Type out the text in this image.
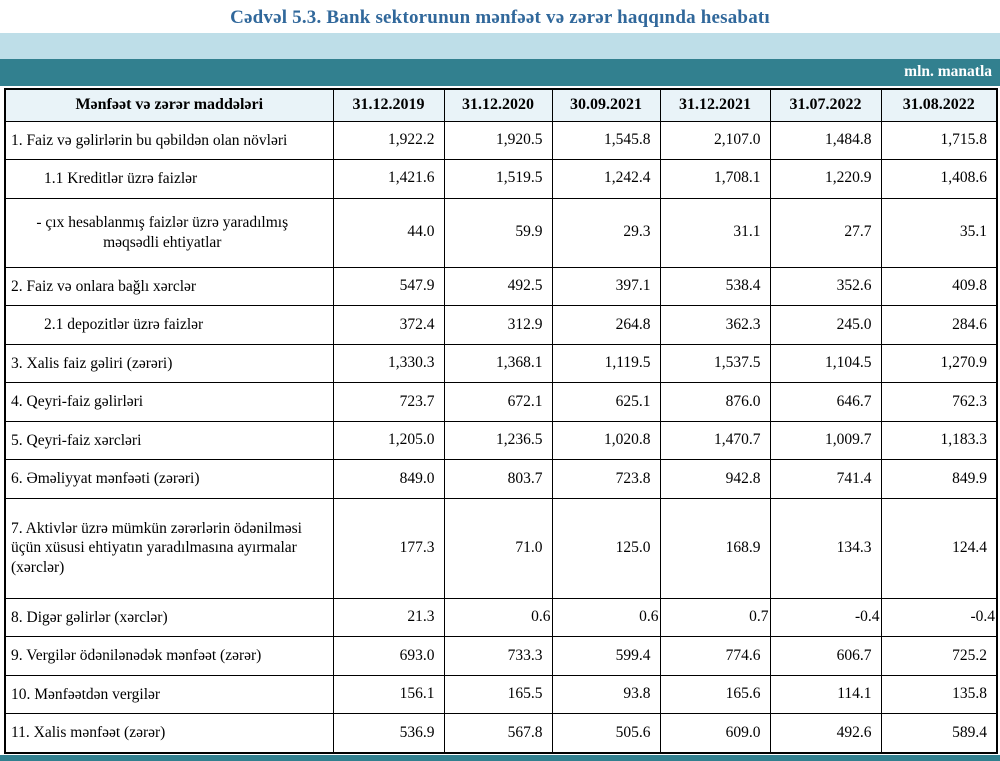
Cədvəl 5.3. Bank sektorunun mənfəət və zərər haqqında hesabatı
mln. manatla
Mənfəət və zərər maddələri	31.12.2019	31.12.2020	30.09.2021	31.12.2021	31.07.2022	31.08.2022
1. Faiz və gəlirlərin bu qəbildən olan növləri	1,922.2	1,920.5	1,545.8	2,107.0	1,484.8	1,715.8
1.1 Kreditlər üzrə faizlər	1,421.6	1,519.5	1,242.4	1,708.1	1,220.9	1,408.6
- çıx hesablanmış faizlər üzrə yaradılmış məqsədli ehtiyatlar	44.0	59.9	29.3	31.1	27.7	35.1
2. Faiz və onlara bağlı xərclər	547.9	492.5	397.1	538.4	352.6	409.8
2.1 depozitlər üzrə faizlər	372.4	312.9	264.8	362.3	245.0	284.6
3. Xalis faiz gəliri (zərəri)	1,330.3	1,368.1	1,119.5	1,537.5	1,104.5	1,270.9
4. Qeyri-faiz gəlirləri	723.7	672.1	625.1	876.0	646.7	762.3
5. Qeyri-faiz xərcləri	1,205.0	1,236.5	1,020.8	1,470.7	1,009.7	1,183.3
6. Əməliyyat mənfəəti (zərəri)	849.0	803.7	723.8	942.8	741.4	849.9
7. Aktivlər üzrə mümkün zərərlərin ödənilməsi üçün xüsusi ehtiyatın yaradılmasına ayırmalar (xərclər)	177.3	71.0	125.0	168.9	134.3	124.4
8. Digər gəlirlər (xərclər)	21.3	0.6	0.6	0.7	-0.4	-0.4
9. Vergilər ödənilənədək mənfəət (zərər)	693.0	733.3	599.4	774.6	606.7	725.2
10. Mənfəətdən vergilər	156.1	165.5	93.8	165.6	114.1	135.8
11. Xalis mənfəət (zərər)	536.9	567.8	505.6	609.0	492.6	589.4
